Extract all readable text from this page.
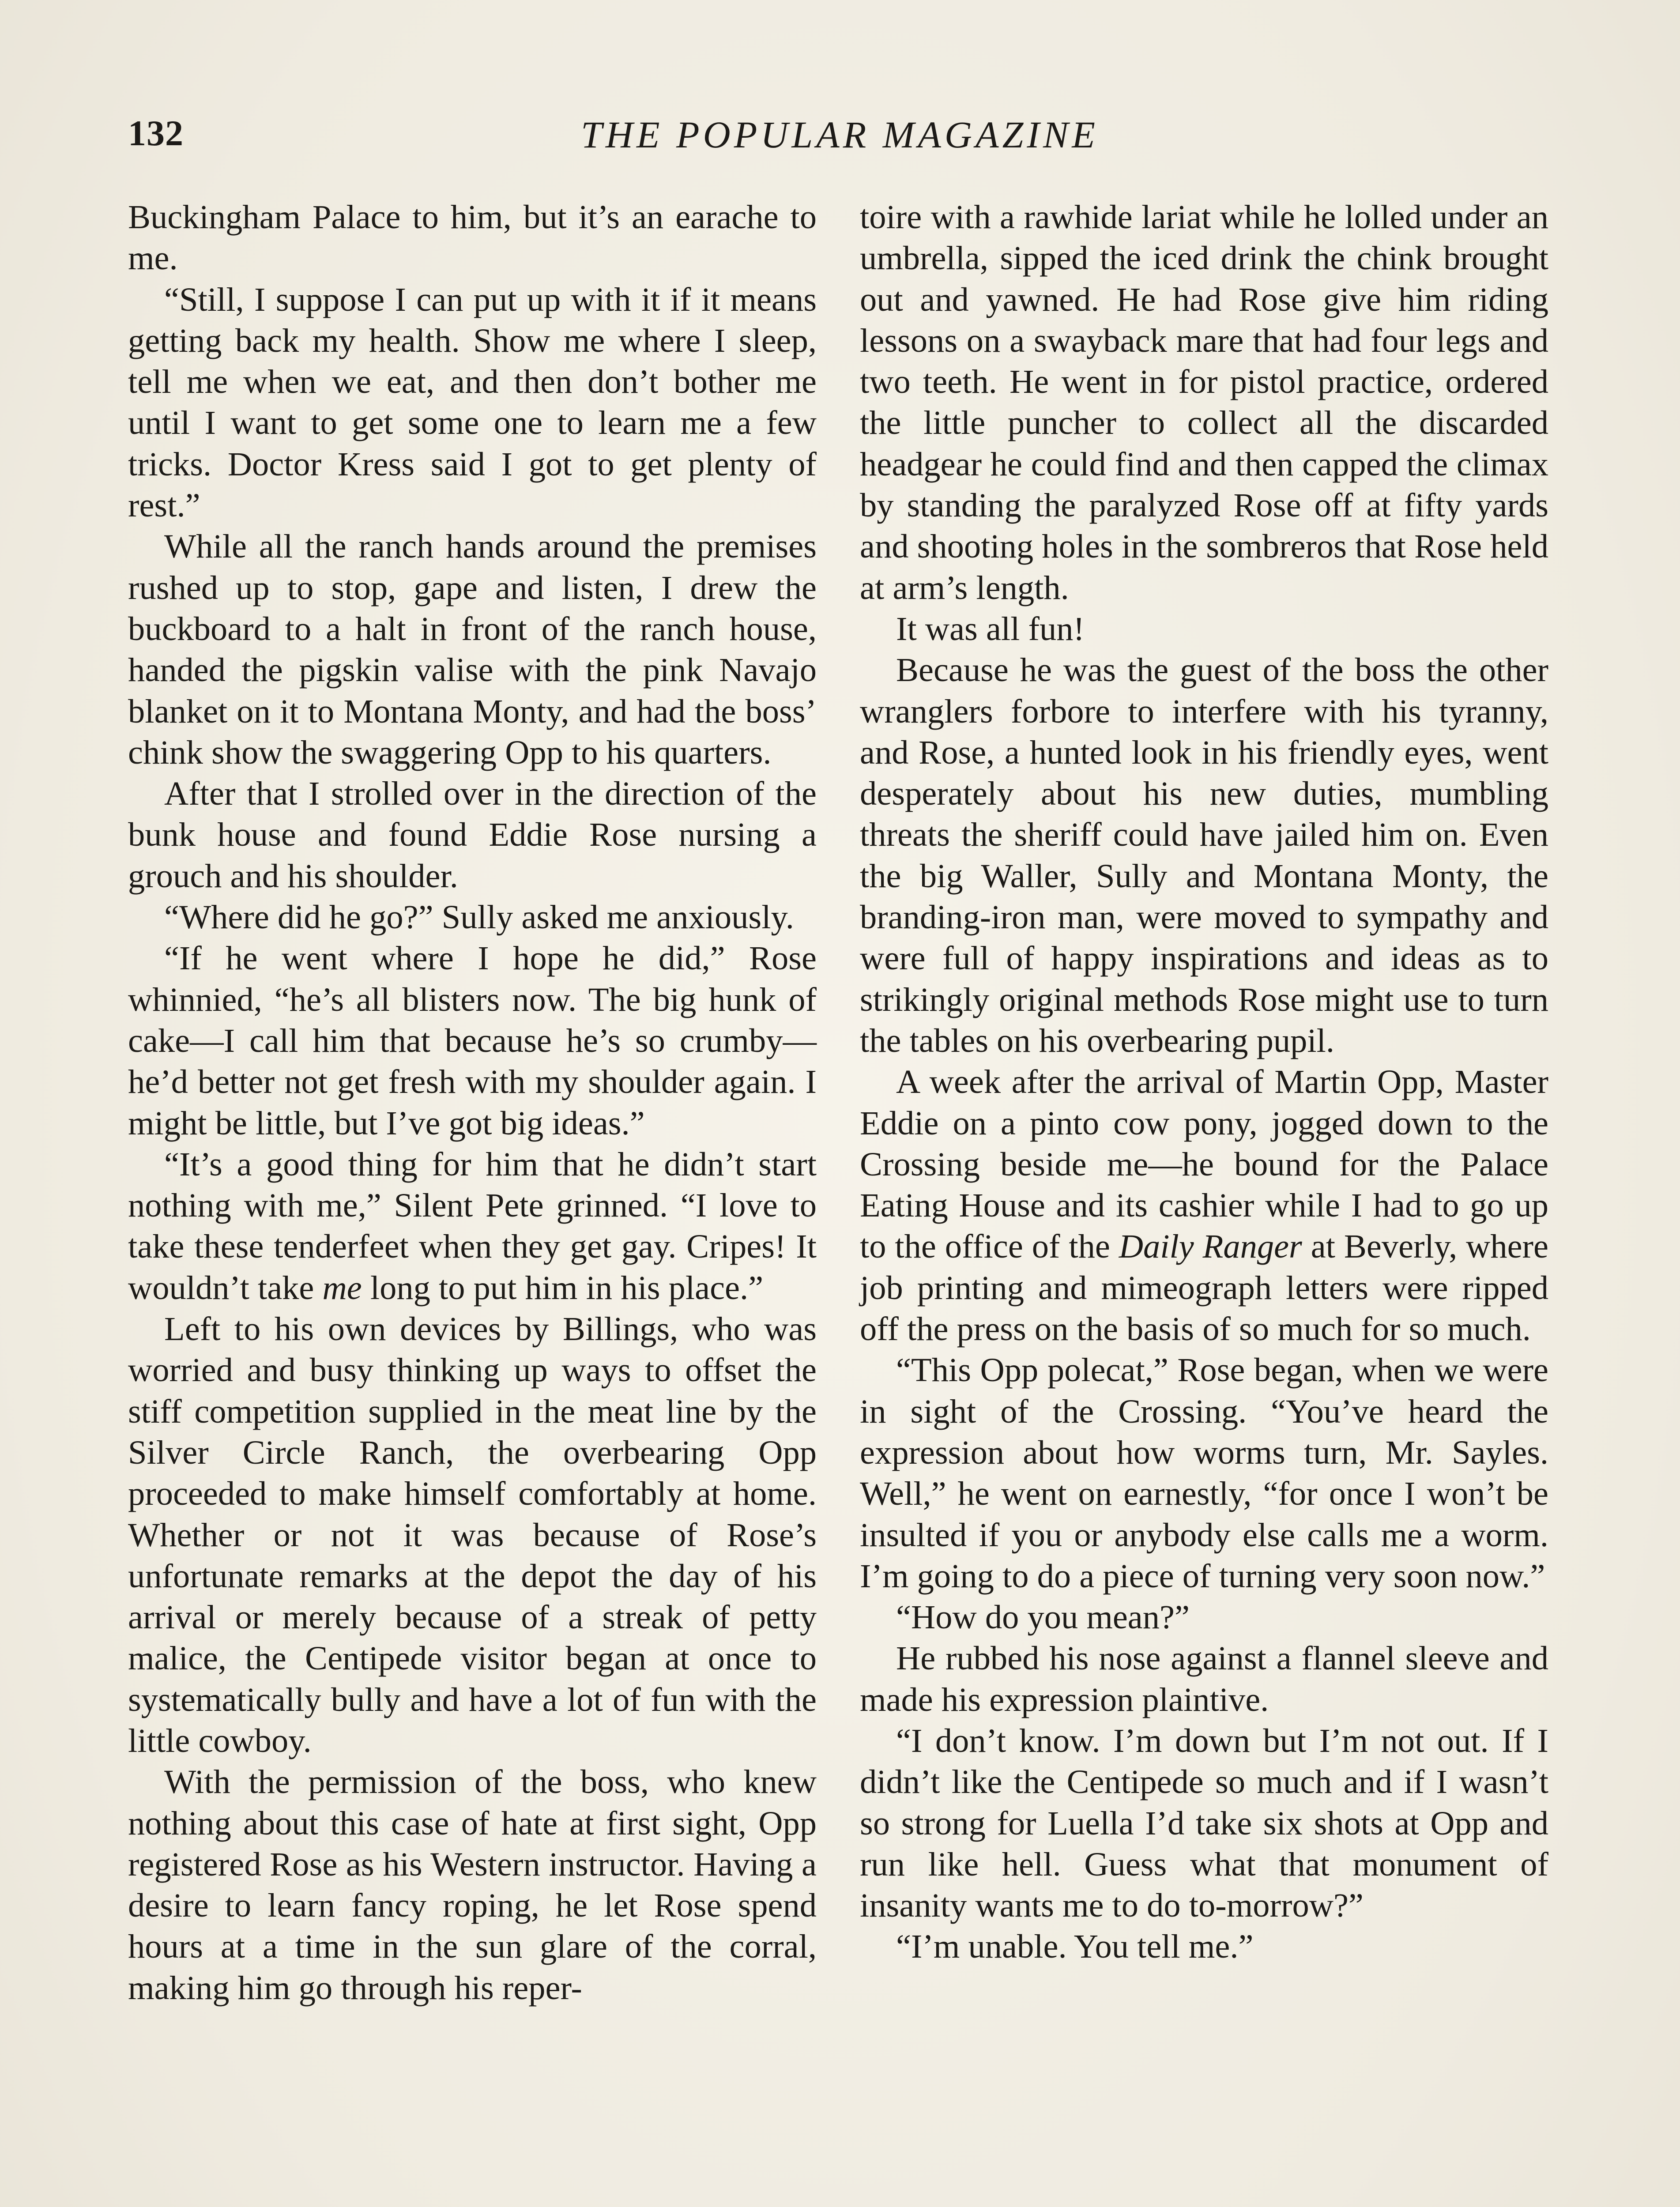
132	THE POPULAR MAGAZINE

Buckingham Palace to him, but it’s an earache to me.

“Still, I suppose I can put up with it if it means getting back my health. Show me where I sleep, tell me when we eat, and then don’t bother me until I want to get some one to learn me a few tricks. Doctor Kress said I got to get plenty of rest.”

While all the ranch hands around the premises rushed up to stop, gape and listen, I drew the buckboard to a halt in front of the ranch house, handed the pigskin valise with the pink Navajo blanket on it to Montana Monty, and had the boss’ chink show the swaggering Opp to his quarters.

After that I strolled over in the direction of the bunk house and found Eddie Rose nursing a grouch and his shoulder.

“Where did he go?” Sully asked me anxiously.

“If he went where I hope he did,” Rose whinnied, “he’s all blisters now. The big hunk of cake—I call him that because he’s so crumby—he’d better not get fresh with my shoulder again. I might be little, but I’ve got big ideas.”

“It’s a good thing for him that he didn’t start nothing with me,” Silent Pete grinned. “I love to take these tenderfeet when they get gay. Cripes! It wouldn’t take me long to put him in his place.”

Left to his own devices by Billings, who was worried and busy thinking up ways to offset the stiff competition supplied in the meat line by the Silver Circle Ranch, the overbearing Opp proceeded to make himself comfortably at home. Whether or not it was because of Rose’s unfortunate remarks at the depot the day of his arrival or merely because of a streak of petty malice, the Centipede visitor began at once to systematically bully and have a lot of fun with the little cowboy.

With the permission of the boss, who knew nothing about this case of hate at first sight, Opp registered Rose as his Western instructor. Having a desire to learn fancy roping, he let Rose spend hours at a time in the sun glare of the corral, making him go through his reper-

toire with a rawhide lariat while he lolled under an umbrella, sipped the iced drink the chink brought out and yawned. He had Rose give him riding lessons on a swayback mare that had four legs and two teeth. He went in for pistol practice, ordered the little puncher to collect all the discarded headgear he could find and then capped the climax by standing the paralyzed Rose off at fifty yards and shooting holes in the sombreros that Rose held at arm’s length.

It was all fun!

Because he was the guest of the boss the other wranglers forbore to interfere with his tyranny, and Rose, a hunted look in his friendly eyes, went desperately about his new duties, mumbling threats the sheriff could have jailed him on. Even the big Waller, Sully and Montana Monty, the branding-iron man, were moved to sympathy and were full of happy inspirations and ideas as to strikingly original methods Rose might use to turn the tables on his overbearing pupil.

A week after the arrival of Martin Opp, Master Eddie on a pinto cow pony, jogged down to the Crossing beside me—he bound for the Palace Eating House and its cashier while I had to go up to the office of the Daily Ranger at Beverly, where job printing and mimeograph letters were ripped off the press on the basis of so much for so much.

“This Opp polecat,” Rose began, when we were in sight of the Crossing. “You’ve heard the expression about how worms turn, Mr. Sayles. Well,” he went on earnestly, “for once I won’t be insulted if you or anybody else calls me a worm. I’m going to do a piece of turning very soon now.”

“How do you mean?”

He rubbed his nose against a flannel sleeve and made his expression plaintive.

“I don’t know. I’m down but I’m not out. If I didn’t like the Centipede so much and if I wasn’t so strong for Luella I’d take six shots at Opp and run like hell. Guess what that monument of insanity wants me to do to-morrow?”

“I’m unable. You tell me.”
